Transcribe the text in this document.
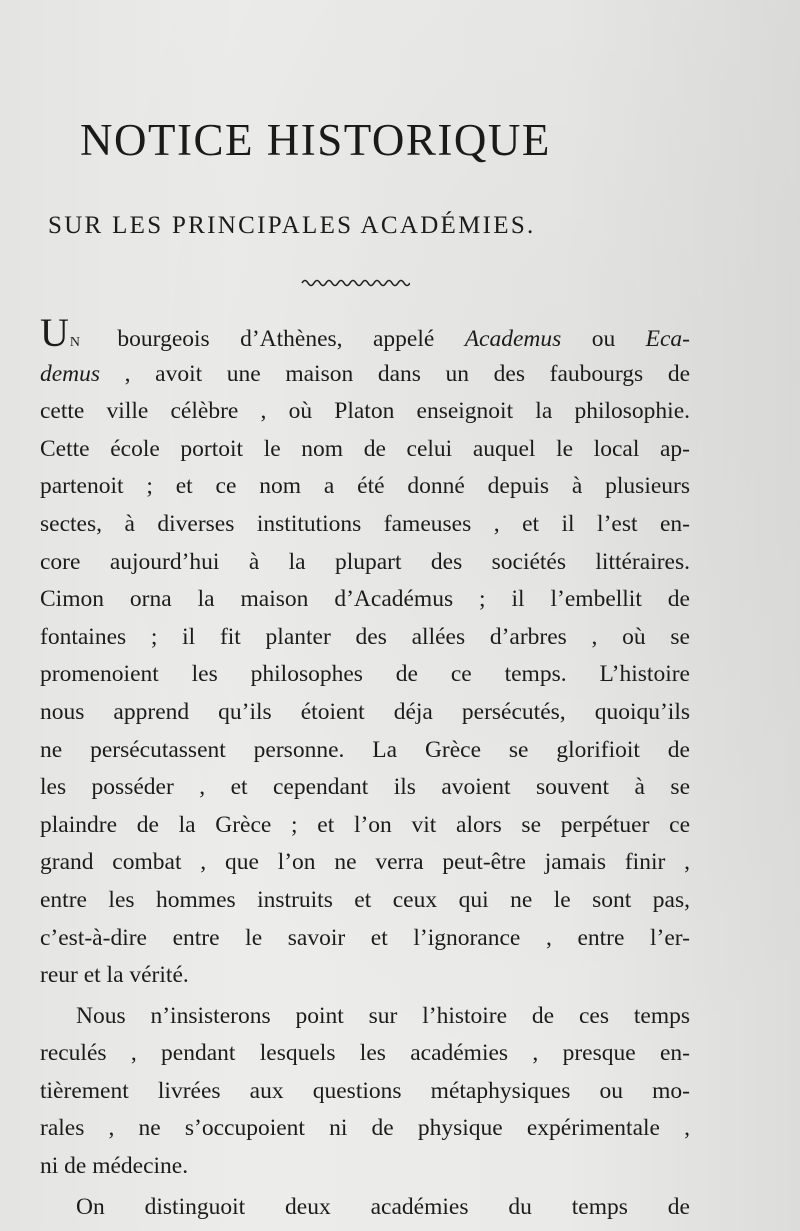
NOTICE HISTORIQUE
SUR LES PRINCIPALES ACADÉMIES.
UN bourgeois d’Athènes, appelé Academus ou Eca-
demus , avoit une maison dans un des faubourgs de
cette ville célèbre , où Platon enseignoit la philosophie.
Cette école portoit le nom de celui auquel le local ap-
partenoit ; et ce nom a été donné depuis à plusieurs
sectes, à diverses institutions fameuses , et il l’est en-
core aujourd’hui à la plupart des sociétés littéraires.
Cimon orna la maison d’Académus ; il l’embellit de
fontaines ; il fit planter des allées d’arbres , où se
promenoient les philosophes de ce temps. L’histoire
nous apprend qu’ils étoient déja persécutés, quoiqu’ils
ne persécutassent personne. La Grèce se glorifioit de
les posséder , et cependant ils avoient souvent à se
plaindre de la Grèce ; et l’on vit alors se perpétuer ce
grand combat , que l’on ne verra peut-être jamais finir ,
entre les hommes instruits et ceux qui ne le sont pas,
c’est-à-dire entre le savoir et l’ignorance , entre l’er-
reur et la vérité.
Nous n’insisterons point sur l’histoire de ces temps
reculés , pendant lesquels les académies , presque en-
tièrement livrées aux questions métaphysiques ou mo-
rales , ne s’occupoient ni de physique expérimentale ,
ni de médecine.
On distinguoit deux académies du temps de
